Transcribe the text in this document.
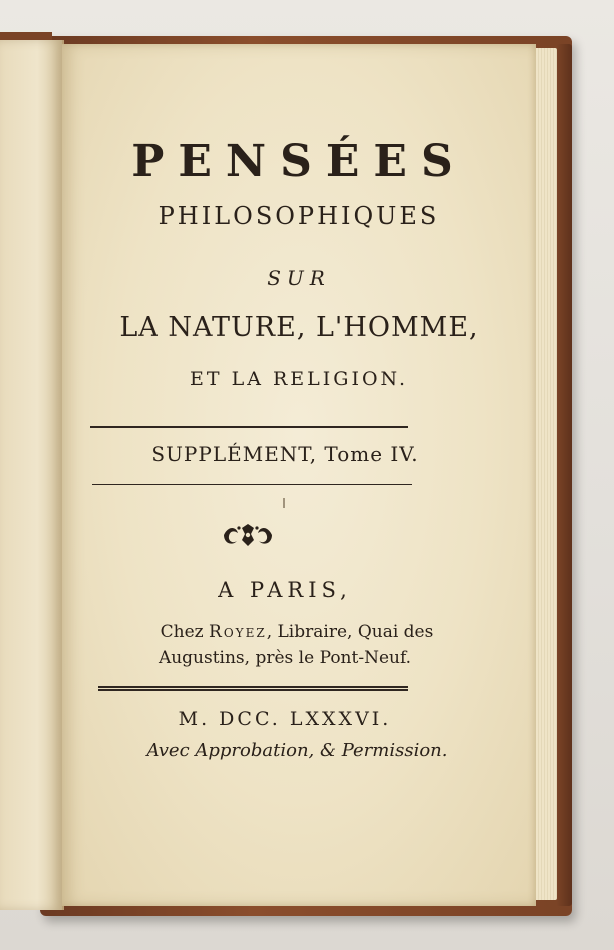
PENSÉES
PHILOSOPHIQUES
SUR
LA NATURE, L'HOMME,
ET LA RELIGION.
SUPPLÉMENT, Tome IV.
A PARIS,
Chez Royez, Libraire, Quai des
Augustins, près le Pont-Neuf.
M. DCC. LXXXVI.
Avec Approbation, & Permission.
